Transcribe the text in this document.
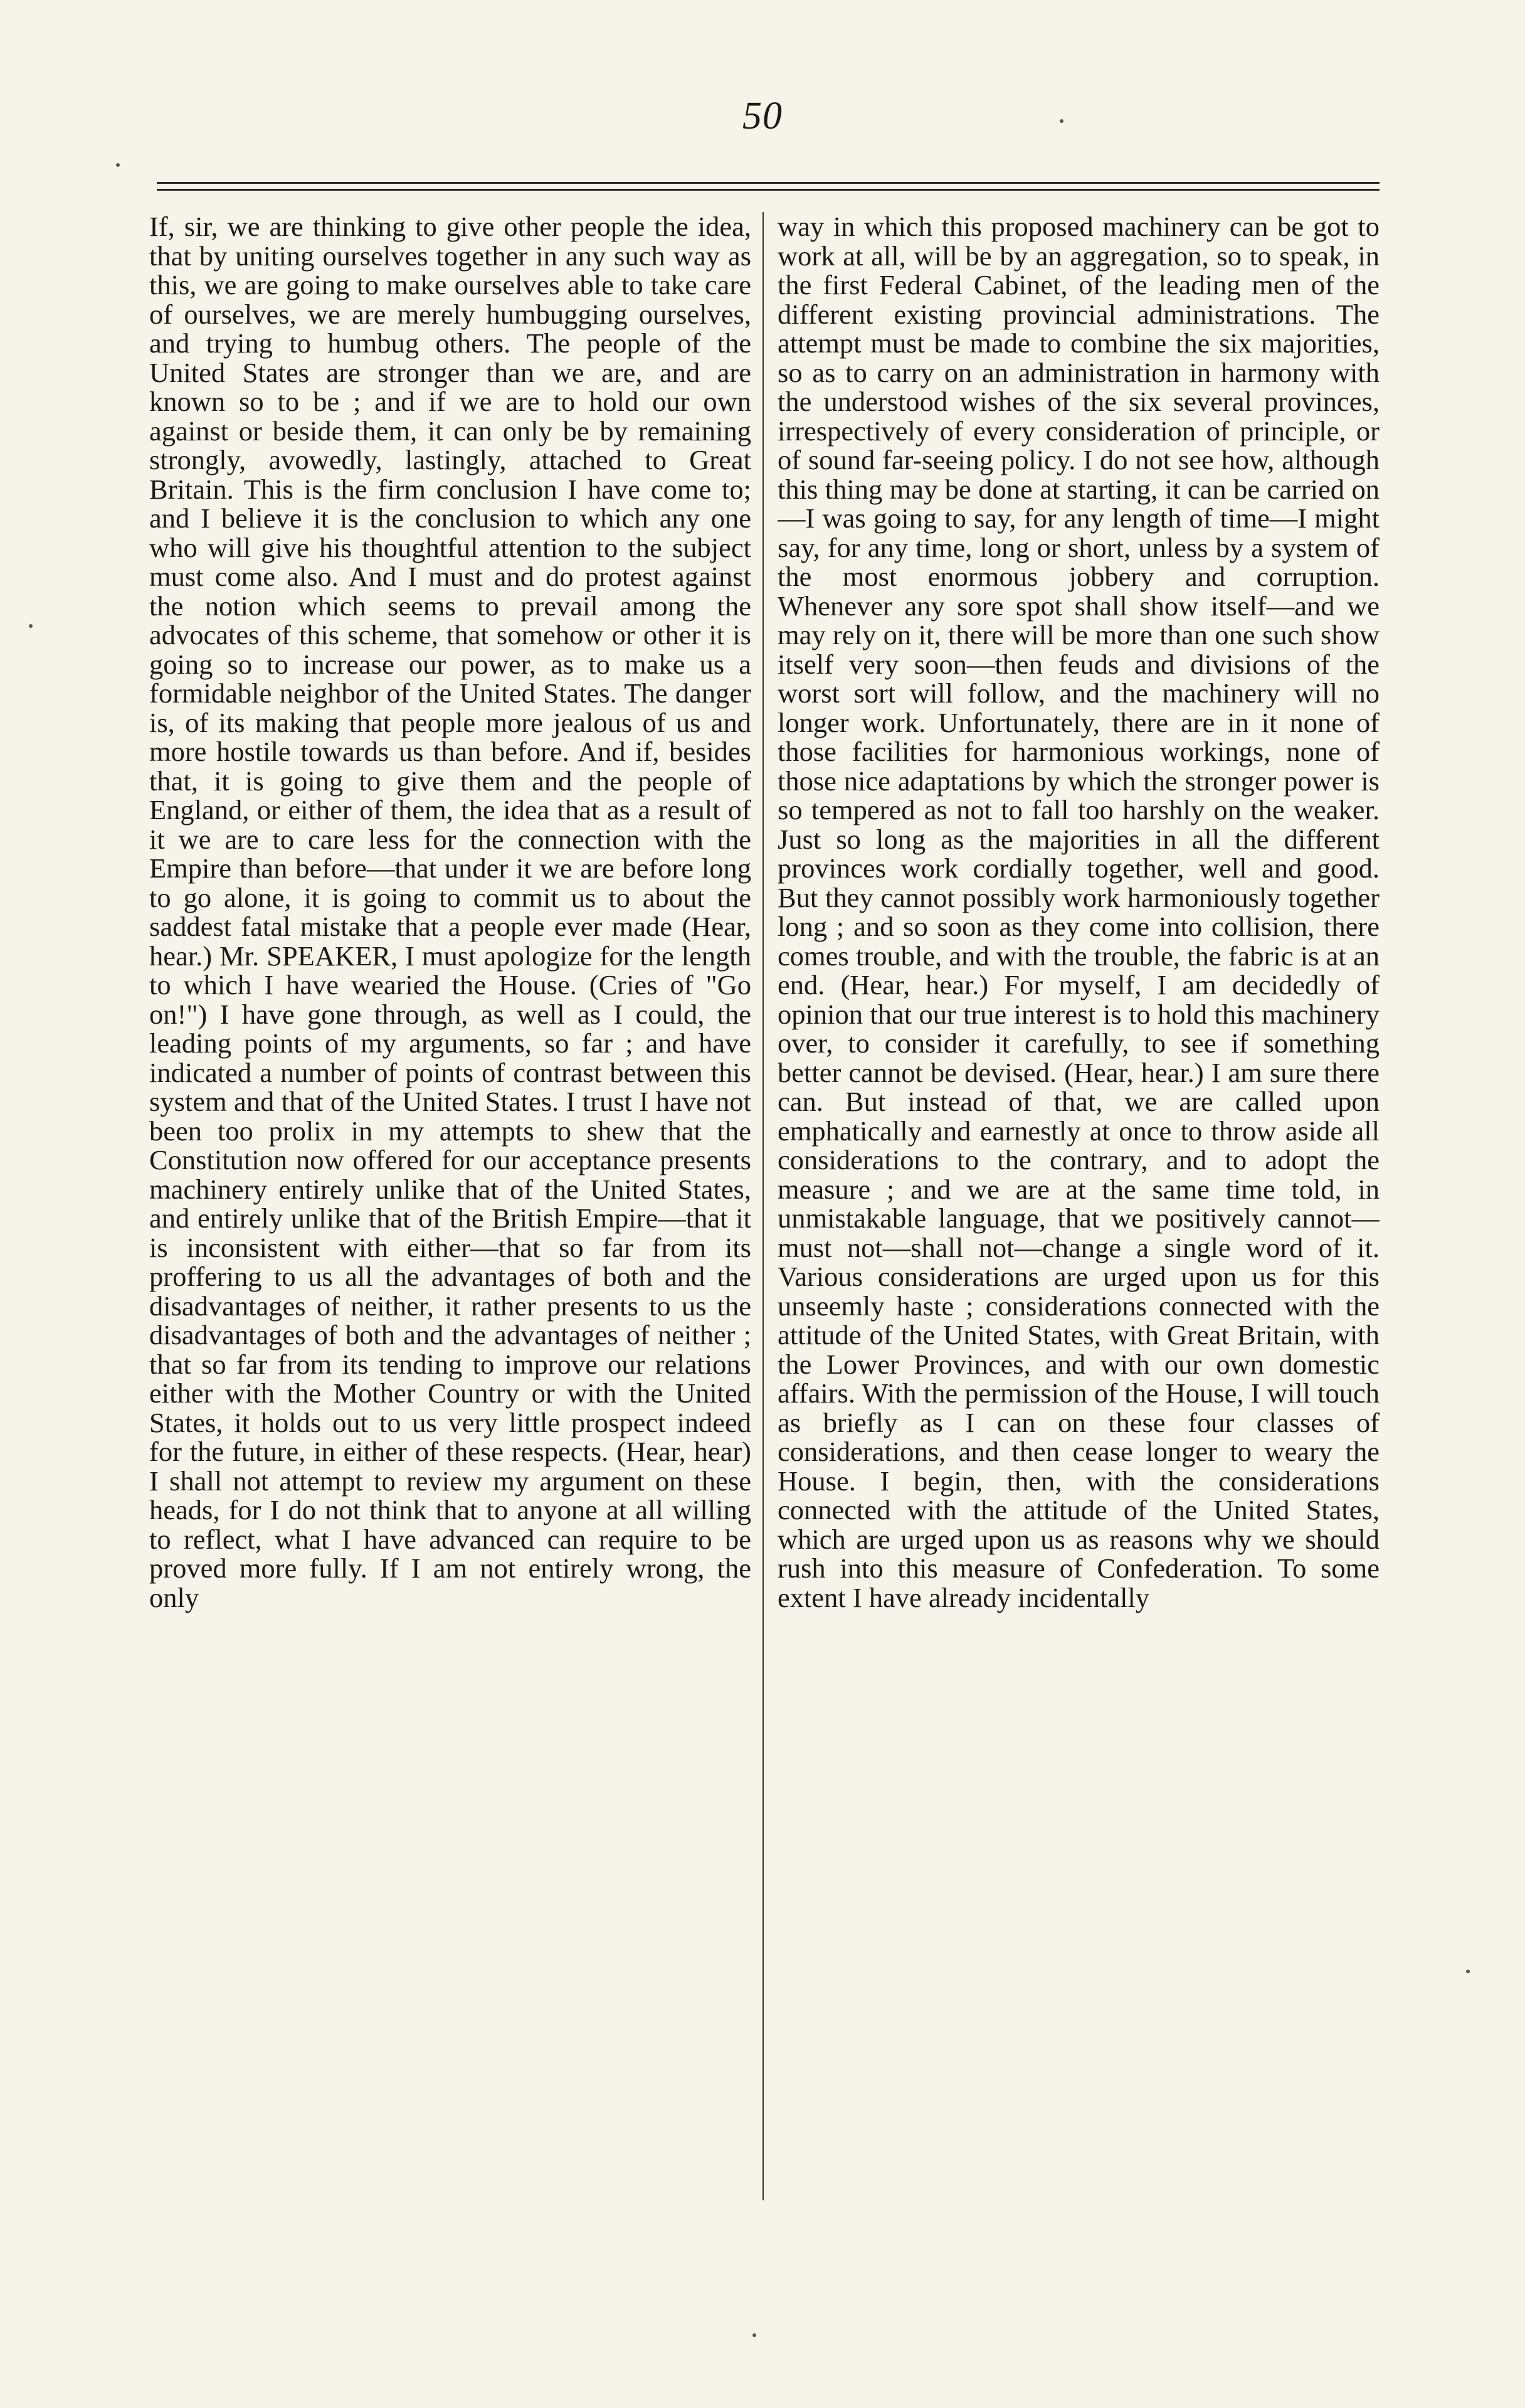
50

If, sir, we are thinking to give other people the idea, that by uniting ourselves together in any such way as this, we are going to make ourselves able to take care of ourselves, we are merely humbugging ourselves, and trying to humbug others. The people of the United States are stronger than we are, and are known so to be ; and if we are to hold our own against or beside them, it can only be by remaining strongly, avowedly, lastingly, attached to Great Britain. This is the firm conclusion I have come to; and I believe it is the conclusion to which any one who will give his thoughtful attention to the subject must come also. And I must and do protest against the notion which seems to prevail among the advocates of this scheme, that somehow or other it is going so to increase our power, as to make us a formidable neighbor of the United States. The danger is, of its making that people more jealous of us and more hostile towards us than before. And if, besides that, it is going to give them and the people of England, or either of them, the idea that as a result of it we are to care less for the connection with the Empire than before—that under it we are before long to go alone, it is going to commit us to about the saddest fatal mistake that a people ever made (Hear, hear.) Mr. SPEAKER, I must apologize for the length to which I have wearied the House. (Cries of "Go on!") I have gone through, as well as I could, the leading points of my arguments, so far ; and have indicated a number of points of contrast between this system and that of the United States. I trust I have not been too prolix in my attempts to shew that the Constitution now offered for our acceptance presents machinery entirely unlike that of the United States, and entirely unlike that of the British Empire—that it is inconsistent with either—that so far from its proffering to us all the advantages of both and the disadvantages of neither, it rather presents to us the disadvantages of both and the advantages of neither ; that so far from its tending to improve our relations either with the Mother Country or with the United States, it holds out to us very little prospect indeed for the future, in either of these respects. (Hear, hear) I shall not attempt to review my argument on these heads, for I do not think that to anyone at all willing to reflect, what I have advanced can require to be proved more fully. If I am not entirely wrong, the only

way in which this proposed machinery can be got to work at all, will be by an aggregation, so to speak, in the first Federal Cabinet, of the leading men of the different existing provincial administrations. The attempt must be made to combine the six majorities, so as to carry on an administration in harmony with the understood wishes of the six several provinces, irrespectively of every consideration of principle, or of sound far-seeing policy. I do not see how, although this thing may be done at starting, it can be carried on—I was going to say, for any length of time—I might say, for any time, long or short, unless by a system of the most enormous jobbery and corruption. Whenever any sore spot shall show itself—and we may rely on it, there will be more than one such show itself very soon—then feuds and divisions of the worst sort will follow, and the machinery will no longer work. Unfortunately, there are in it none of those facilities for harmonious workings, none of those nice adaptations by which the stronger power is so tempered as not to fall too harshly on the weaker. Just so long as the majorities in all the different provinces work cordially together, well and good. But they cannot possibly work harmoniously together long ; and so soon as they come into collision, there comes trouble, and with the trouble, the fabric is at an end. (Hear, hear.) For myself, I am decidedly of opinion that our true interest is to hold this machinery over, to consider it carefully, to see if something better cannot be devised. (Hear, hear.) I am sure there can. But instead of that, we are called upon emphatically and earnestly at once to throw aside all considerations to the contrary, and to adopt the measure ; and we are at the same time told, in unmistakable language, that we positively cannot—must not—shall not—change a single word of it. Various considerations are urged upon us for this unseemly haste ; considerations connected with the attitude of the United States, with Great Britain, with the Lower Provinces, and with our own domestic affairs. With the permission of the House, I will touch as briefly as I can on these four classes of considerations, and then cease longer to weary the House. I begin, then, with the considerations connected with the attitude of the United States, which are urged upon us as reasons why we should rush into this measure of Confederation. To some extent I have already incidentally
